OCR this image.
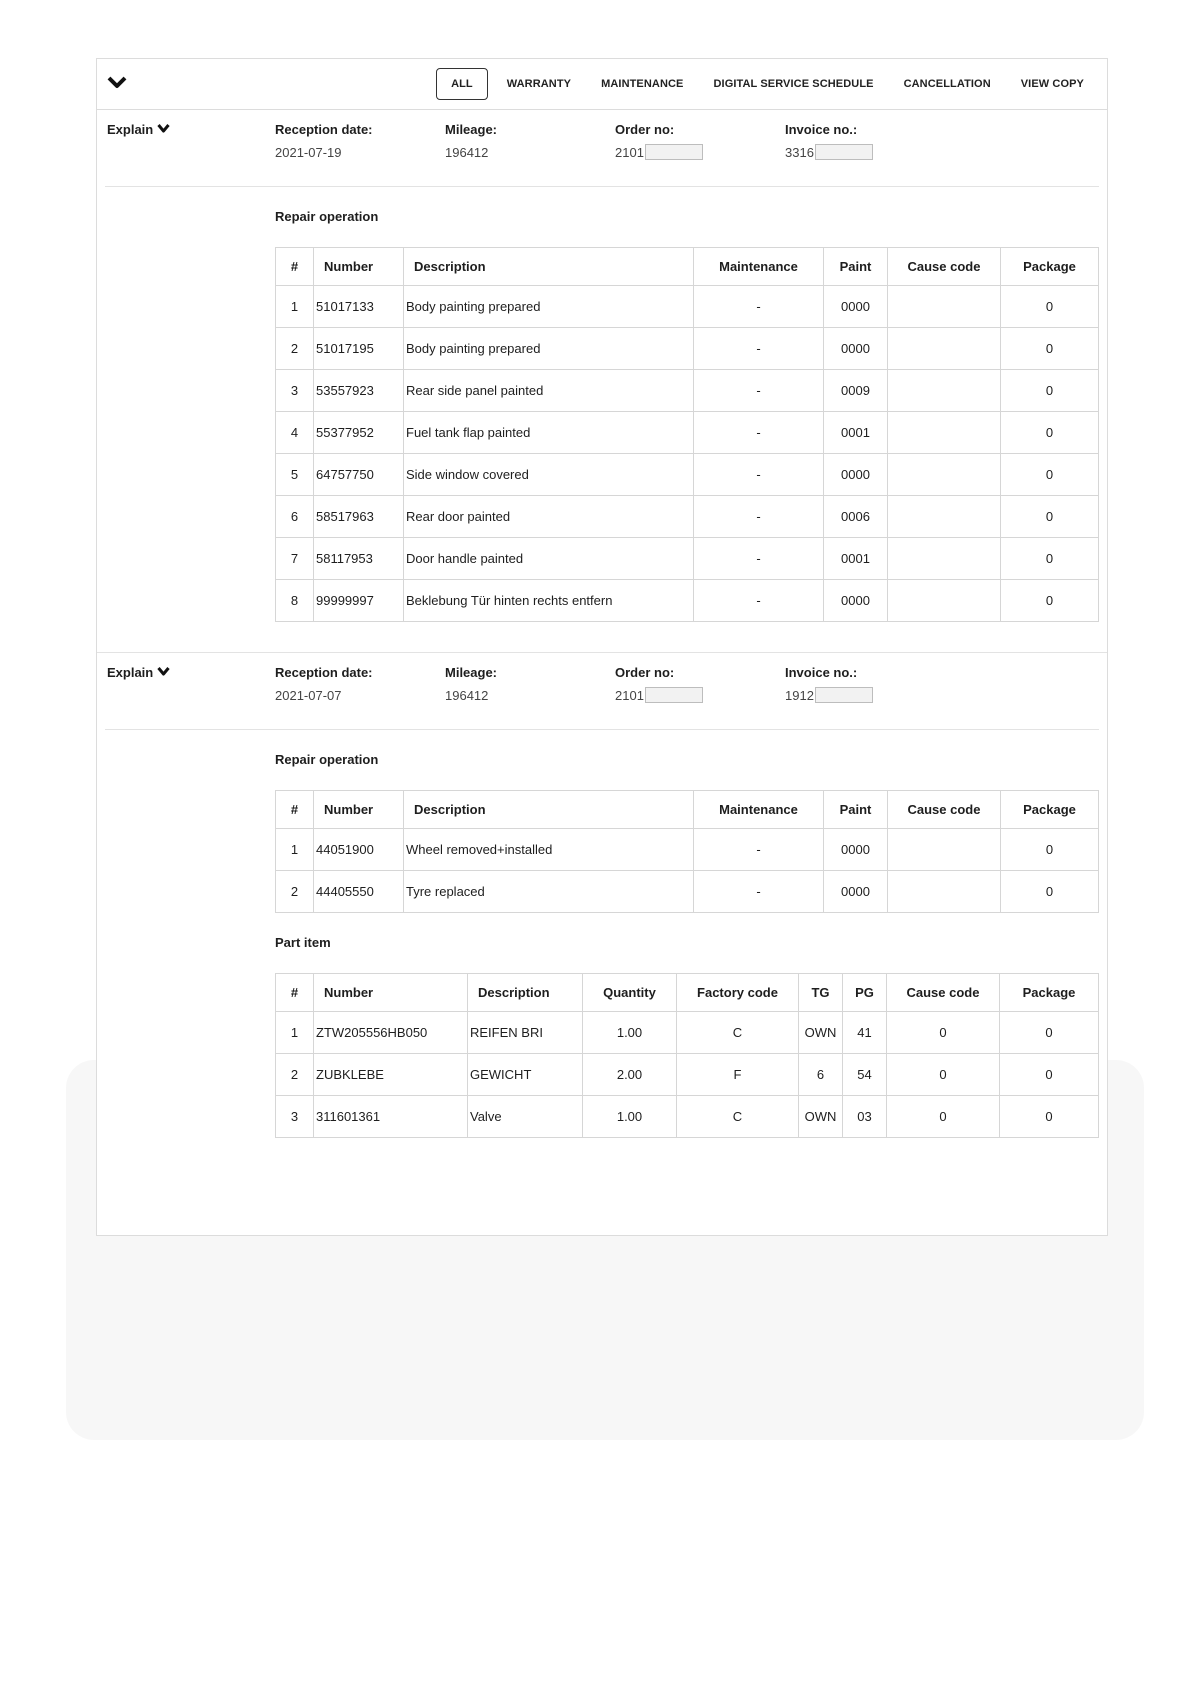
ALL	WARRANTY	MAINTENANCE	DIGITAL SERVICE SCHEDULE	CANCELLATION	VIEW COPY
Explain	Reception date:
2021-07-19
Mileage:
196412
Order no:
2101
Invoice no.:
3316
Repair operation
#	Number	Description	Maintenance	Paint	Cause code	Package
1	51017133	Body painting prepared	-	0000		0
2	51017195	Body painting prepared	-	0000		0
3	53557923	Rear side panel painted	-	0009		0
4	55377952	Fuel tank flap painted	-	0001		0
5	64757750	Side window covered	-	0000		0
6	58517963	Rear door painted	-	0006		0
7	58117953	Door handle painted	-	0001		0
8	99999997	Beklebung Tür hinten rechts entfern	-	0000		0
Explain	Reception date:
2021-07-07
Mileage:
196412
Order no:
2101
Invoice no.:
1912
Repair operation
#	Number	Description	Maintenance	Paint	Cause code	Package
1	44051900	Wheel removed+installed	-	0000		0
2	44405550	Tyre replaced	-	0000		0
Part item
#	Number	Description	Quantity	Factory code	TG	PG	Cause code	Package
1	ZTW205556HB050	REIFEN BRI	1.00	C	OWN	41	0	0
2	ZUBKLEBE	GEWICHT	2.00	F	6	54	0	0
3	311601361	Valve	1.00	C	OWN	03	0	0
